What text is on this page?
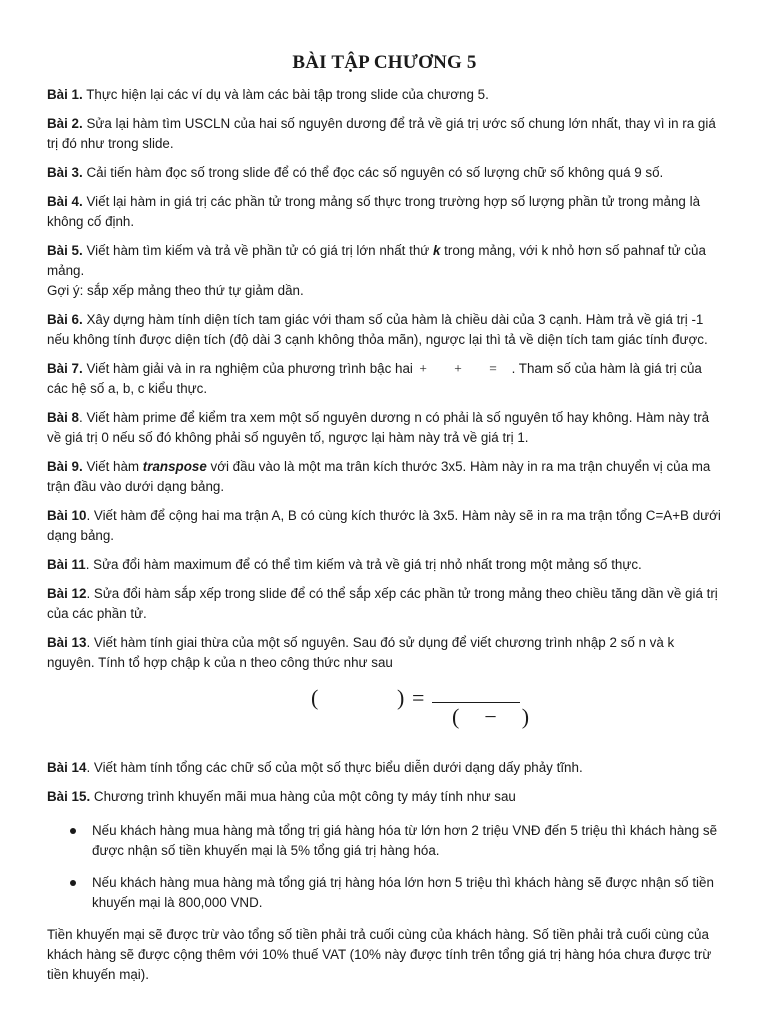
BÀI TẬP CHƯƠNG 5

Bài 1. Thực hiện lại các ví dụ và làm các bài tập trong slide của chương 5.

Bài 2. Sửa lại hàm tìm USCLN của hai số nguyên dương để trả về giá trị ước số chung lớn nhất, thay vì in ra giá trị đó như trong slide.

Bài 3. Cải tiến hàm đọc số trong slide để có thể đọc các số nguyên có số lượng chữ số không quá 9 số.

Bài 4. Viết lại hàm in giá trị các phần tử trong mảng số thực trong trường hợp số lượng phần tử trong mảng là không cố định.

Bài 5. Viết hàm tìm kiếm và trả về phần tử có giá trị lớn nhất thứ k trong mảng, với k nhỏ hơn số pahnaf tử của mảng.
Gợi ý: sắp xếp mảng theo thứ tự giảm dần.

Bài 6. Xây dựng hàm tính diện tích tam giác với tham số của hàm là chiều dài của 3 cạnh. Hàm trả về giá trị -1 nếu không tính được diện tích (độ dài 3 cạnh không thỏa mãn), ngược lại thì tả về diện tích tam giác tính được.

Bài 7. Viết hàm giải và in ra nghiệm của phương trình bậc hai + + = . Tham số của hàm là giá trị của các hệ số a, b, c kiểu thực.

Bài 8. Viết hàm prime để kiểm tra xem một số nguyên dương n có phải là số nguyên tố hay không. Hàm này trả về giá trị 0 nếu số đó không phải số nguyên tố, ngược lại hàm này trả về giá trị 1.

Bài 9. Viết hàm transpose với đầu vào là một ma trân kích thước 3x5. Hàm này in ra ma trận chuyển vị của ma trận đầu vào dưới dạng bảng.

Bài 10. Viết hàm để cộng hai ma trận A, B có cùng kích thước là 3x5. Hàm này sẽ in ra ma trận tổng C=A+B dưới dạng bảng.

Bài 11. Sửa đổi hàm maximum để có thể tìm kiếm và trả về giá trị nhỏ nhất trong một mảng số thực.

Bài 12. Sửa đổi hàm sắp xếp trong slide để có thể sắp xếp các phần tử trong mảng theo chiều tăng dần về giá trị của các phần tử.

Bài 13. Viết hàm tính giai thừa của một số nguyên. Sau đó sử dụng để viết chương trình nhập 2 số n và k nguyên. Tính tổ hợp chập k của n theo công thức như sau

(	) =
( − )

Bài 14. Viết hàm tính tổng các chữ số của một số thực biểu diễn dưới dạng dấy phảy tĩnh.

Bài 15. Chương trình khuyến mãi mua hàng của một công ty máy tính như sau

Nếu khách hàng mua hàng mà tổng trị giá hàng hóa từ lớn hơn 2 triệu VNĐ đến 5 triệu thì khách hàng sẽ được nhận số tiền khuyến mại là 5% tổng giá trị hàng hóa.
Nếu khách hàng mua hàng mà tổng giá trị hàng hóa lớn hơn 5 triệu thì khách hàng sẽ được nhận số tiền khuyến mại là 800,000 VND.

Tiền khuyến mại sẽ được trừ vào tổng số tiền phải trả cuối cùng của khách hàng. Số tiền phải trả cuối cùng của khách hàng sẽ được cộng thêm với 10% thuế VAT (10% này được tính trên tổng giá trị hàng hóa chưa được trừ tiền khuyến mại).
